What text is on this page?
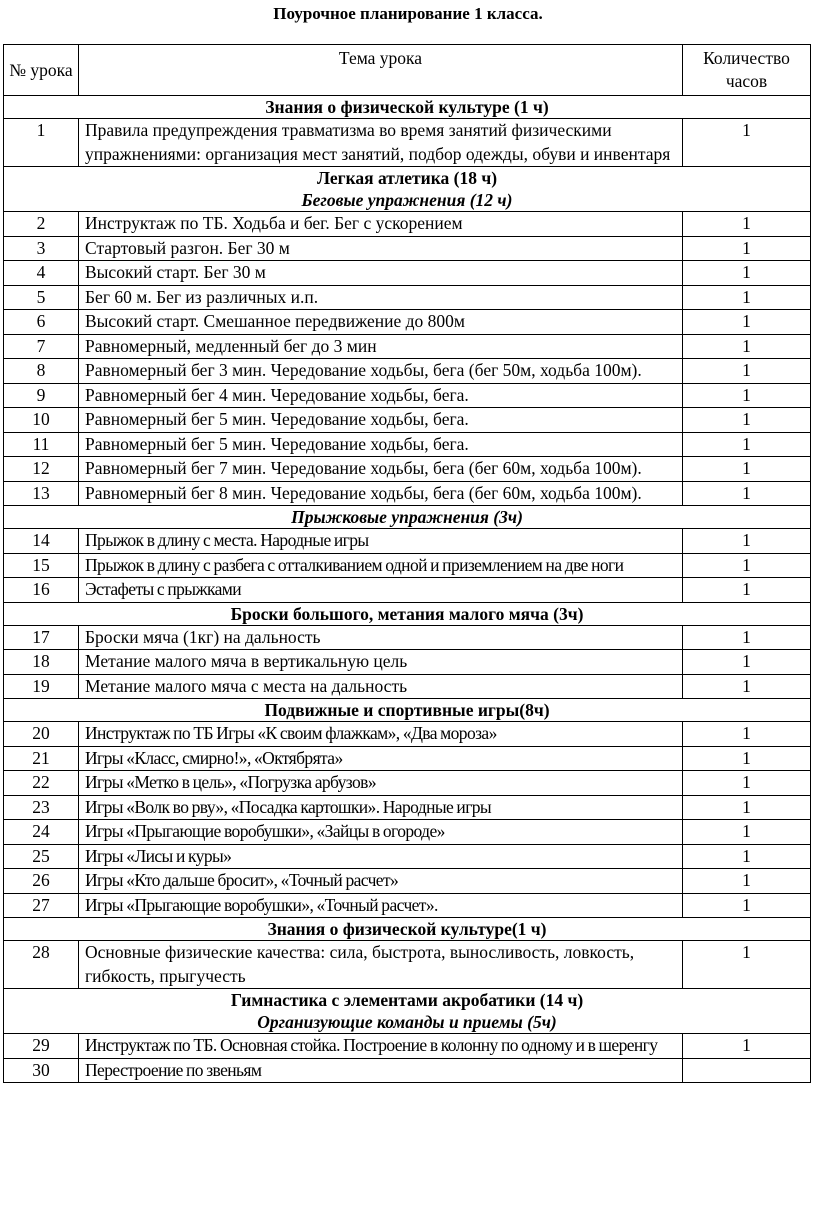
Поурочное планирование 1 класса.
№ урока	Тема урока	Количество часов

Знания о физической культуре (1 ч)		

1	Правила предупреждения травматизма во время занятий физическими упражнениями: организация мест занятий, подбор одежды, обуви и инвентаря	1

Легкая атлетика (18 ч)
Беговые упражнения (12 ч)		

2	Инструктаж по ТБ. Ходьба и бег. Бег с ускорением	1
3	Стартовый разгон. Бег 30 м	1
4	Высокий старт. Бег 30 м	1
5	Бег 60 м. Бег из различных и.п.	1
6	Высокий старт. Смешанное передвижение до 800м	1
7	Равномерный, медленный бег до 3 мин	1
8	Равномерный бег 3 мин. Чередование ходьбы, бега (бег 50м, ходьба 100м).	1
9	Равномерный бег 4 мин. Чередование ходьбы, бега.	1
10	Равномерный бег 5 мин. Чередование ходьбы, бега.	1
11	Равномерный бег 5 мин. Чередование ходьбы, бега.	1
12	Равномерный бег 7 мин. Чередование ходьбы, бега (бег 60м, ходьба 100м).	1
13	Равномерный бег 8 мин. Чередование ходьбы, бега (бег 60м, ходьба 100м).	1

Прыжковые упражнения (3ч)		

14	Прыжок в длину с места. Народные игры	1
15	Прыжок в длину с разбега с отталкиванием одной и приземлением на две ноги	1
16	Эстафеты с прыжками	1

Броски большого, метания малого мяча (3ч)		

17	Броски мяча (1кг) на дальность	1
18	Метание малого мяча в вертикальную цель	1
19	Метание малого мяча с места на дальность	1

Подвижные и спортивные игры(8ч)		

20	Инструктаж по ТБ Игры «К своим флажкам», «Два мороза»	1
21	Игры «Класс, смирно!», «Октябрята»	1
22	Игры «Метко в цель», «Погрузка арбузов»	1
23	Игры «Волк во рву», «Посадка картошки». Народные игры	1
24	Игры «Прыгающие воробушки», «Зайцы в огороде»	1
25	Игры «Лисы и куры»	1
26	Игры «Кто дальше бросит», «Точный расчет»	1
27	Игры «Прыгающие воробушки», «Точный расчет».	1

Знания о физической культуре(1 ч)		

28	Основные физические качества: сила, быстрота, выносливость, ловкость, гибкость, прыгучесть	1

Гимнастика с элементами акробатики (14 ч)
Организующие команды и приемы (5ч)		

29	Инструктаж по ТБ. Основная стойка. Построение в колонну по одному и в шеренгу	1
30	Перестроение по звеньям	
